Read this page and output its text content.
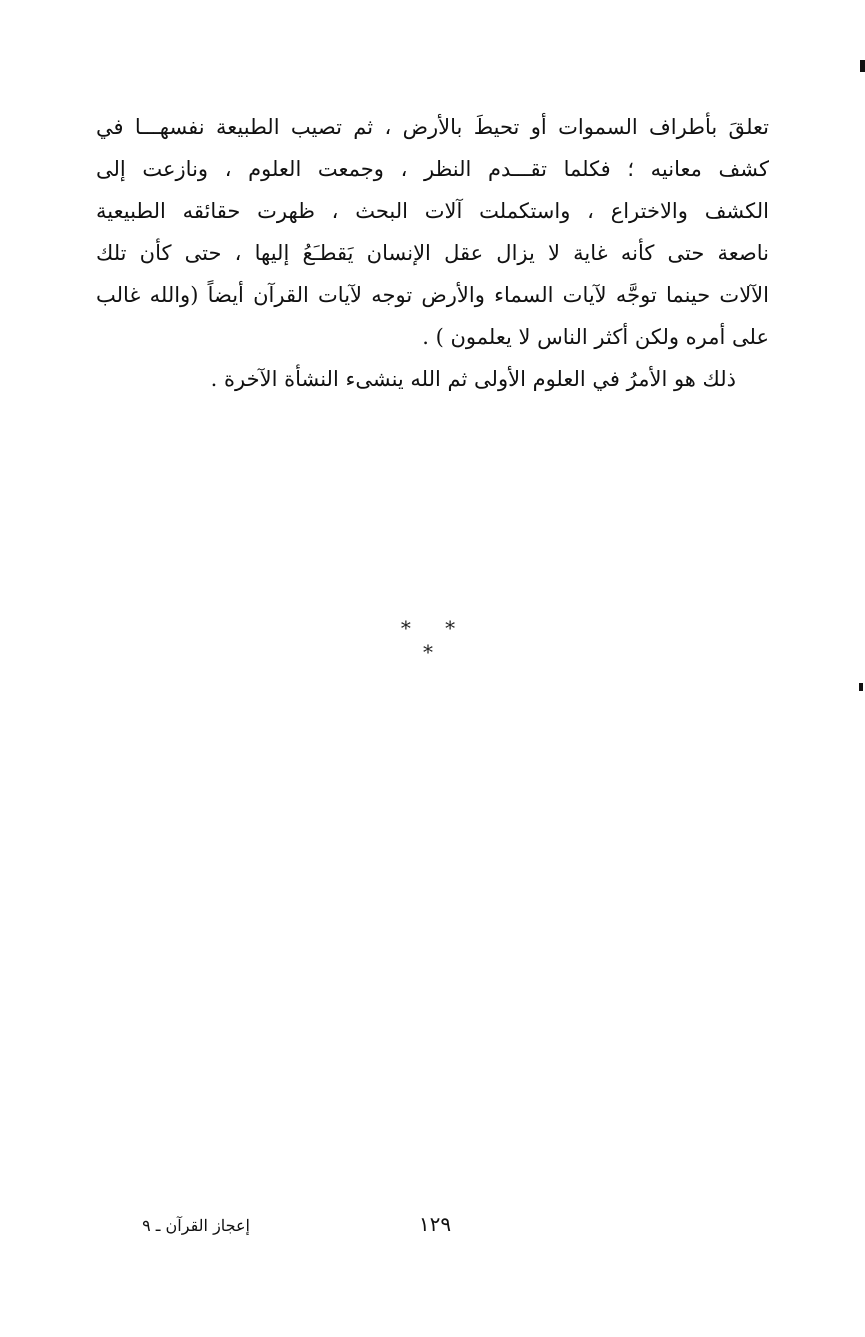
تعلقَ بأطراف السموات أو تحيطَ بالأرض ، ثم تصيب الطبيعة نفسهـــا في
كشف معانيه ؛ فكلما تقـــدم النظر ، وجمعت العلوم ، ونازعت إلى
الكشف والاختراع ، واستكملت آلات البحث ، ظهرت حقائقه الطبيعية
ناصعة حتى كأنه غاية لا يزال عقل الإنسان يَقطـَعُ إليها ، حتى كأن تلك
الآلات حينما توجَّه لآيات السماء والأرض توجه لآيات القرآن أيضاً (والله غالب
على أمره ولكن أكثر الناس لا يعلمون ) .
ذلك هو الأمرُ في العلوم الأولى ثم الله ينشىء النشأة الآخرة .
* * *
إعجاز القرآن ـ ٩	١٢٩
